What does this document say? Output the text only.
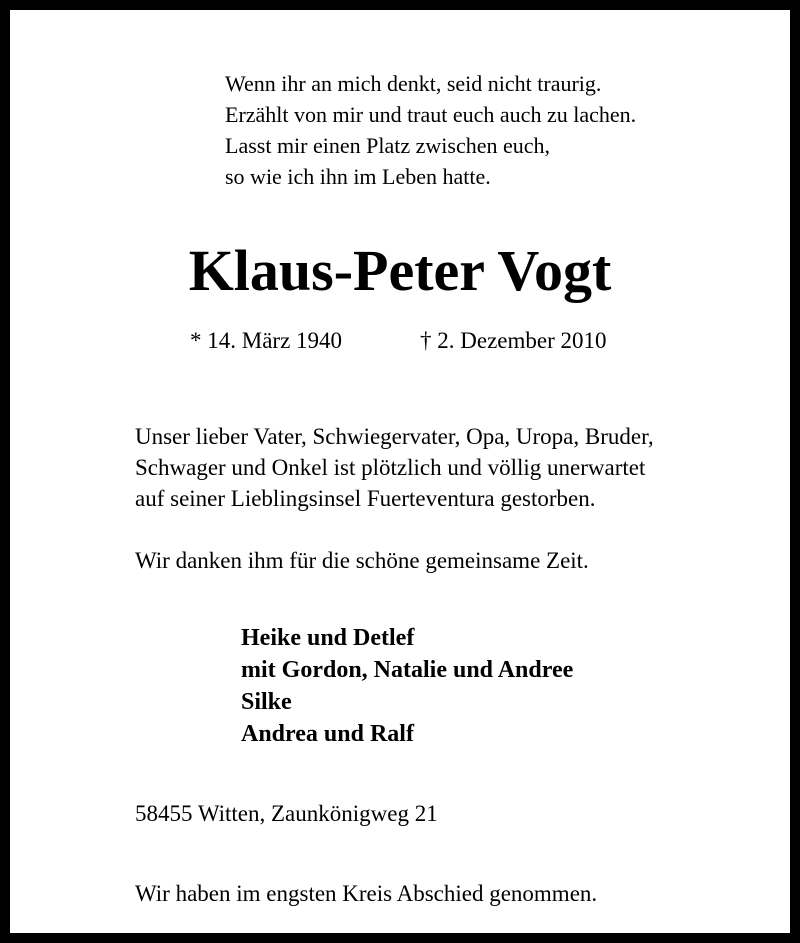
Wenn ihr an mich denkt, seid nicht traurig.
Erzählt von mir und traut euch auch zu lachen.
Lasst mir einen Platz zwischen euch,
so wie ich ihn im Leben hatte.
Klaus-Peter Vogt
* 14. März 1940	† 2. Dezember 2010
Unser lieber Vater, Schwiegervater, Opa, Uropa, Bruder,
Schwager und Onkel ist plötzlich und völlig unerwartet
auf seiner Lieblingsinsel Fuerteventura gestorben.
Wir danken ihm für die schöne gemeinsame Zeit.
Heike und Detlef
mit Gordon, Natalie und Andree
Silke
Andrea und Ralf
58455 Witten, Zaunkönigweg 21
Wir haben im engsten Kreis Abschied genommen.
